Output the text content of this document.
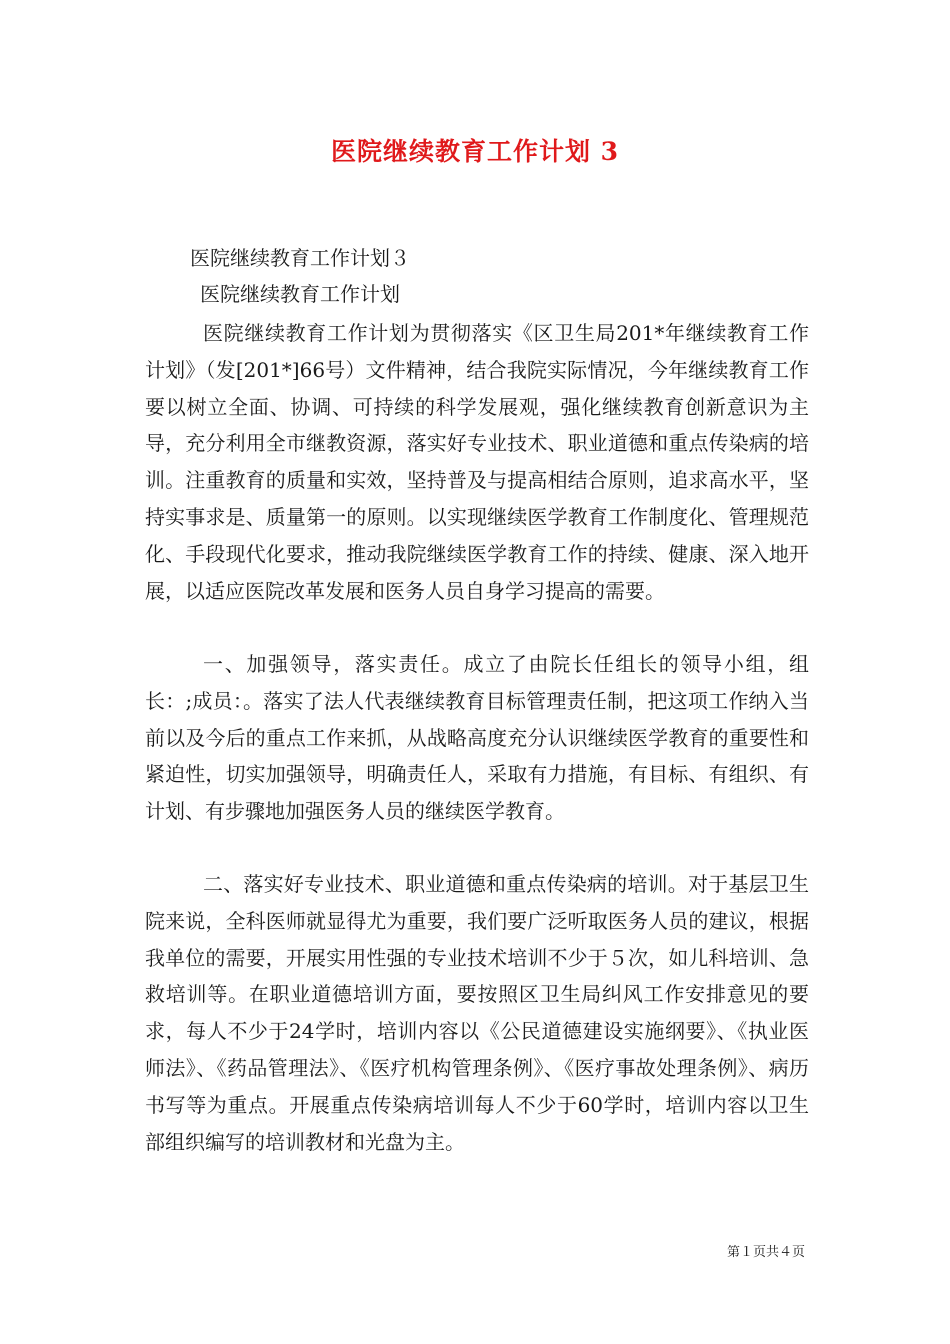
医院继续教育工作计划 3
医院继续教育工作计划３
医院继续教育工作计划

医院继续教育工作计划为贯彻落实《区卫生局201*年继续教育工作计划》（发[201*]66号）文件精神，结合我院实际情况，今年继续教育工作要以树立全面、协调、可持续的科学发展观，强化继续教育创新意识为主导，充分利用全市继教资源，落实好专业技术、职业道德和重点传染病的培训。注重教育的质量和实效，坚持普及与提高相结合原则，追求高水平，坚持实事求是、质量第一的原则。以实现继续医学教育工作制度化、管理规范化、手段现代化要求，推动我院继续医学教育工作的持续、健康、深入地开展，以适应医院改革发展和医务人员自身学习提高的需要。

一、加强领导，落实责任。成立了由院长任组长的领导小组，组长：;成员：。落实了法人代表继续教育目标管理责任制，把这项工作纳入当前以及今后的重点工作来抓，从战略高度充分认识继续医学教育的重要性和紧迫性，切实加强领导，明确责任人，采取有力措施，有目标、有组织、有计划、有步骤地加强医务人员的继续医学教育。

二、落实好专业技术、职业道德和重点传染病的培训。对于基层卫生院来说，全科医师就显得尤为重要，我们要广泛听取医务人员的建议，根据我单位的需要，开展实用性强的专业技术培训不少于５次，如儿科培训、急救培训等。在职业道德培训方面，要按照区卫生局纠风工作安排意见的要求，每人不少于24学时，培训内容以《公民道德建设实施纲要》、《执业医师法》、《药品管理法》、《医疗机构管理条例》、《医疗事故处理条例》、病历书写等为重点。开展重点传染病培训每人不少于60学时，培训内容以卫生部组织编写的培训教材和光盘为主。

第１页共４页
